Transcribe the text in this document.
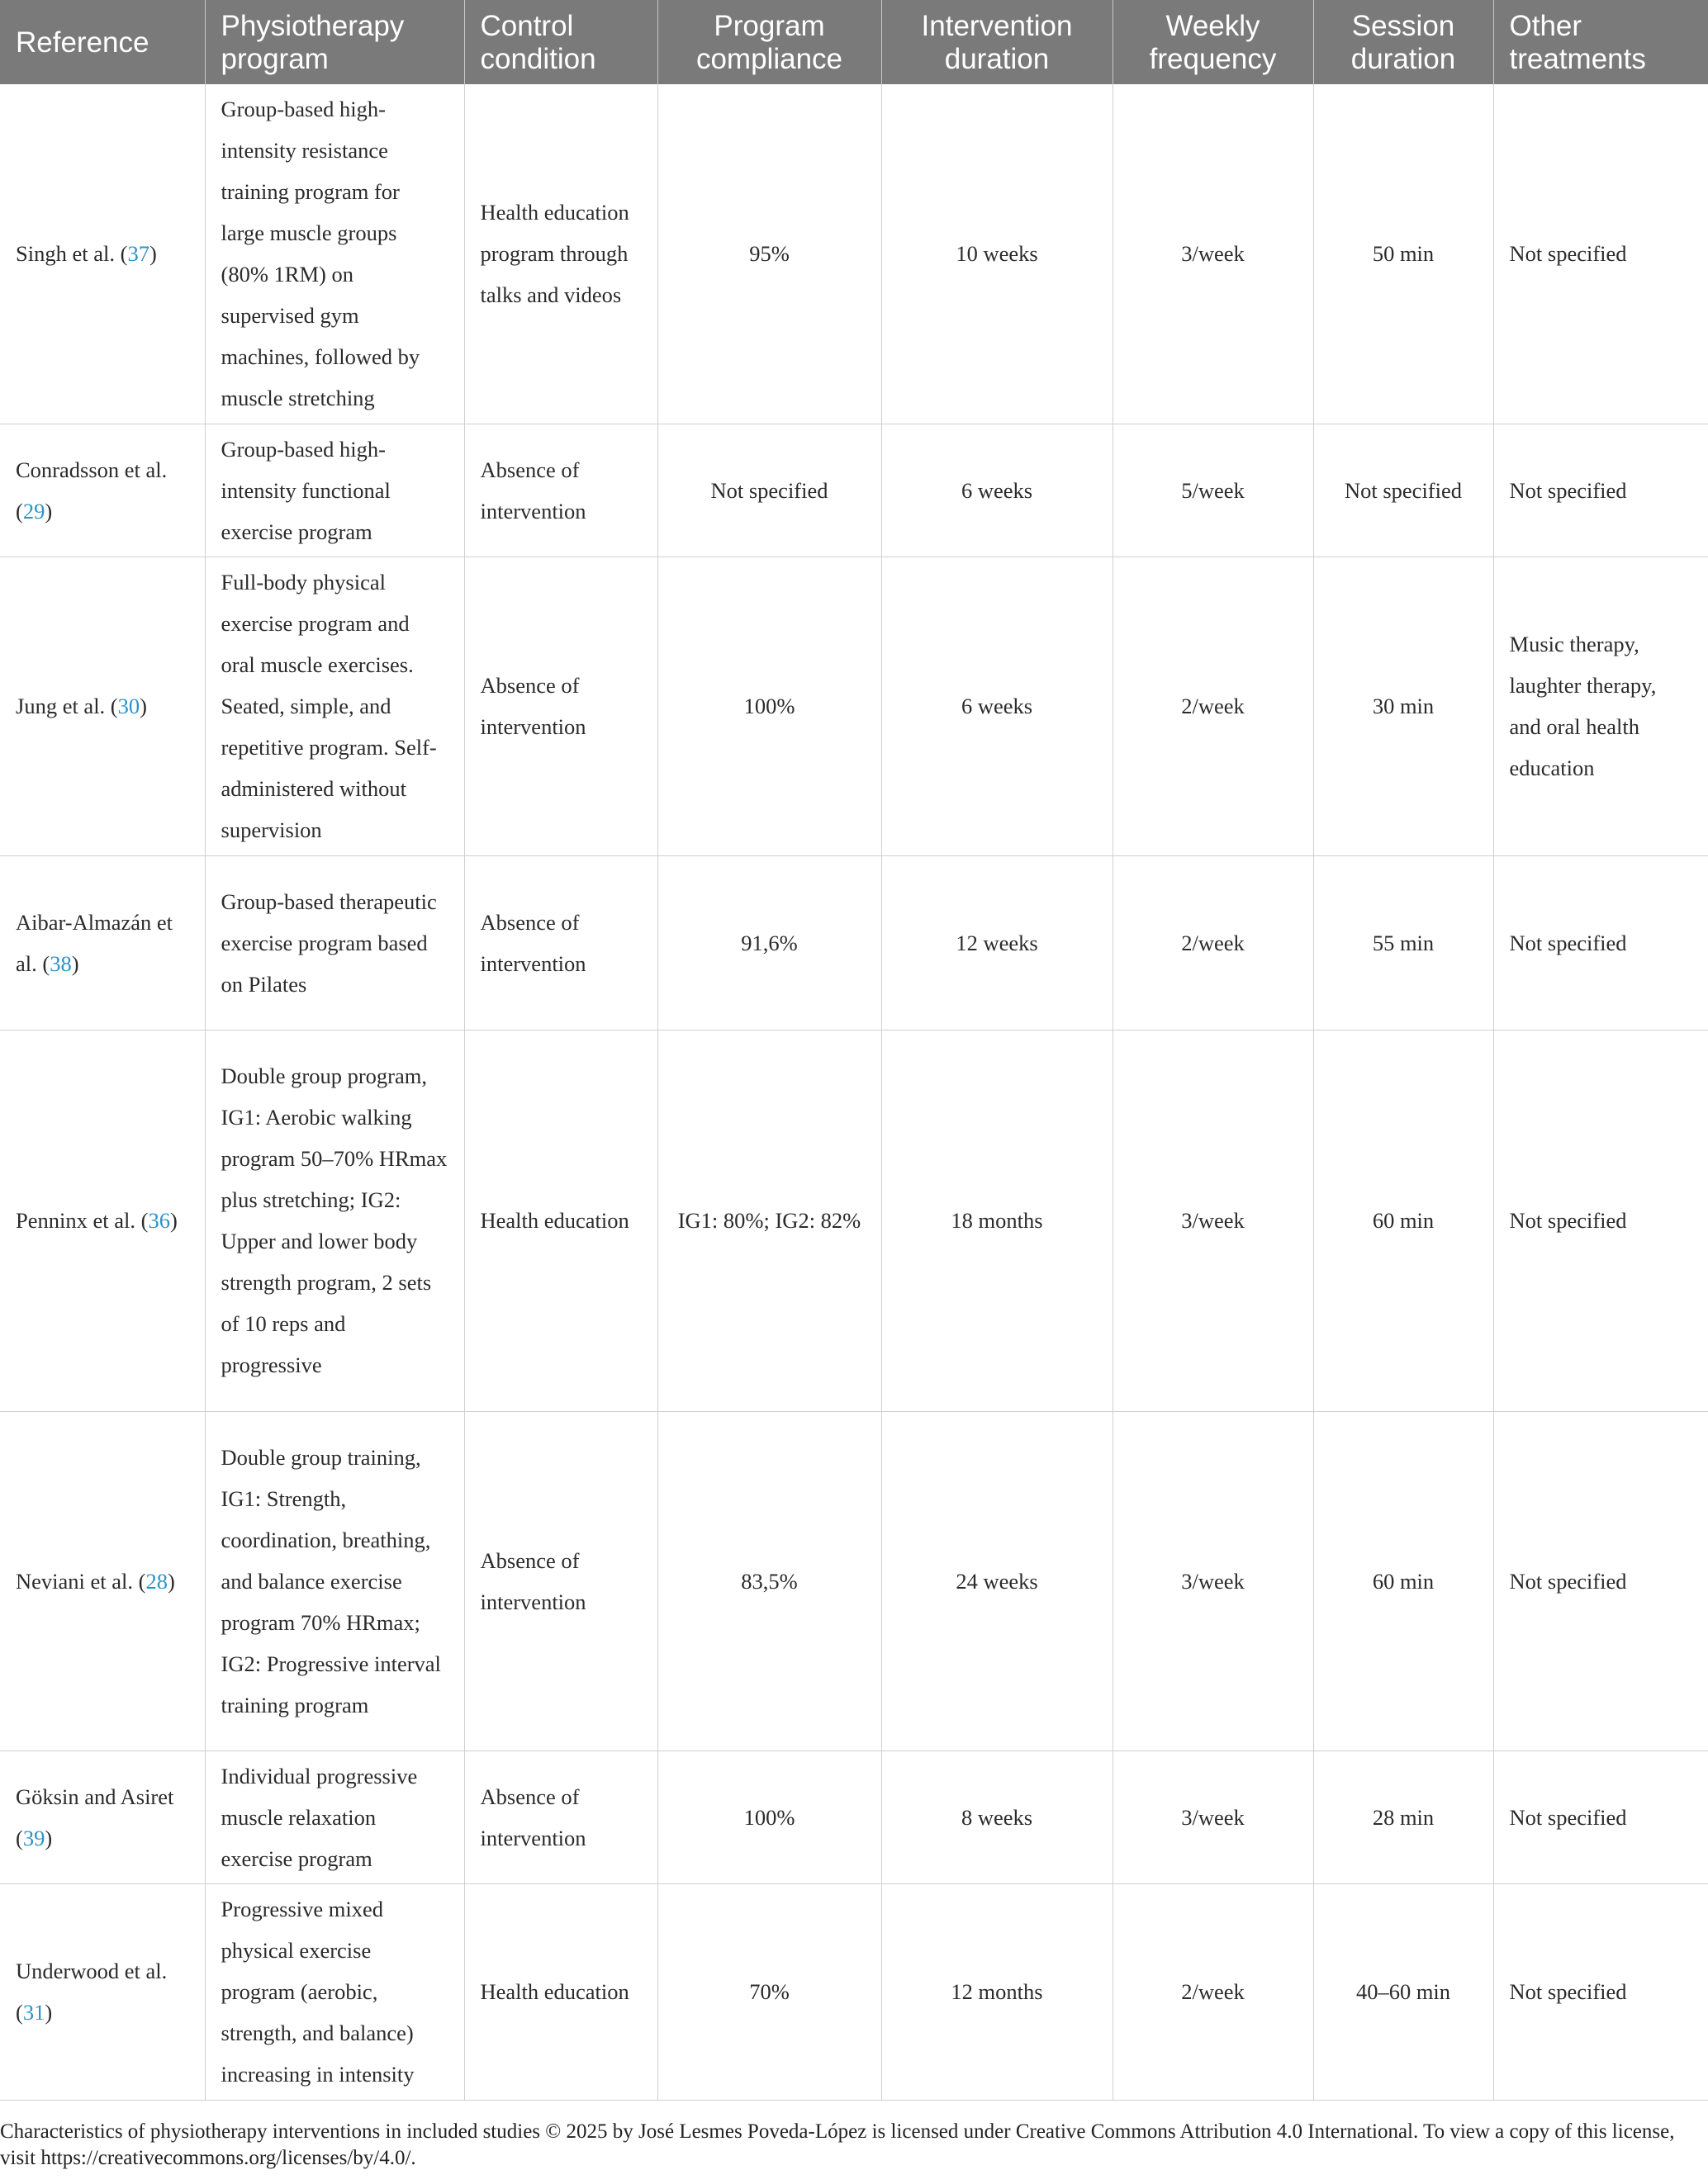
Reference	Physiotherapy program	Control condition	Program compliance	Intervention duration	Weekly frequency	Session duration	Other treatments
Singh et al. (37)	Group-based high-intensity resistance training program for large muscle groups (80% 1RM) on supervised gym machines, followed by muscle stretching	Health education program through talks and videos	95%	10 weeks	3/week	50 min	Not specified
Conradsson et al. (29)	Group-based high-intensity functional exercise program	Absence of intervention	Not specified	6 weeks	5/week	Not specified	Not specified
Jung et al. (30)	Full-body physical exercise program and oral muscle exercises. Seated, simple, and repetitive program. Self-administered without supervision	Absence of intervention	100%	6 weeks	2/week	30 min	Music therapy, laughter therapy, and oral health education
Aibar-Almazán et al. (38)	Group-based therapeutic exercise program based on Pilates	Absence of intervention	91,6%	12 weeks	2/week	55 min	Not specified
Penninx et al. (36)	Double group program, IG1: Aerobic walking program 50–70% HRmax plus stretching; IG2: Upper and lower body strength program, 2 sets of 10 reps and progressive	Health education	IG1: 80%; IG2: 82%	18 months	3/week	60 min	Not specified
Neviani et al. (28)	Double group training, IG1: Strength, coordination, breathing, and balance exercise program 70% HRmax; IG2: Progressive interval training program	Absence of intervention	83,5%	24 weeks	3/week	60 min	Not specified
Göksin and Asiret (39)	Individual progressive muscle relaxation exercise program	Absence of intervention	100%	8 weeks	3/week	28 min	Not specified
Underwood et al. (31)	Progressive mixed physical exercise program (aerobic, strength, and balance) increasing in intensity	Health education	70%	12 months	2/week	40–60 min	Not specified
Characteristics of physiotherapy interventions in included studies © 2025 by José Lesmes Poveda-López is licensed under Creative Commons Attribution 4.0 International. To view a copy of this license, visit https://creativecommons.org/licenses/by/4.0/.
